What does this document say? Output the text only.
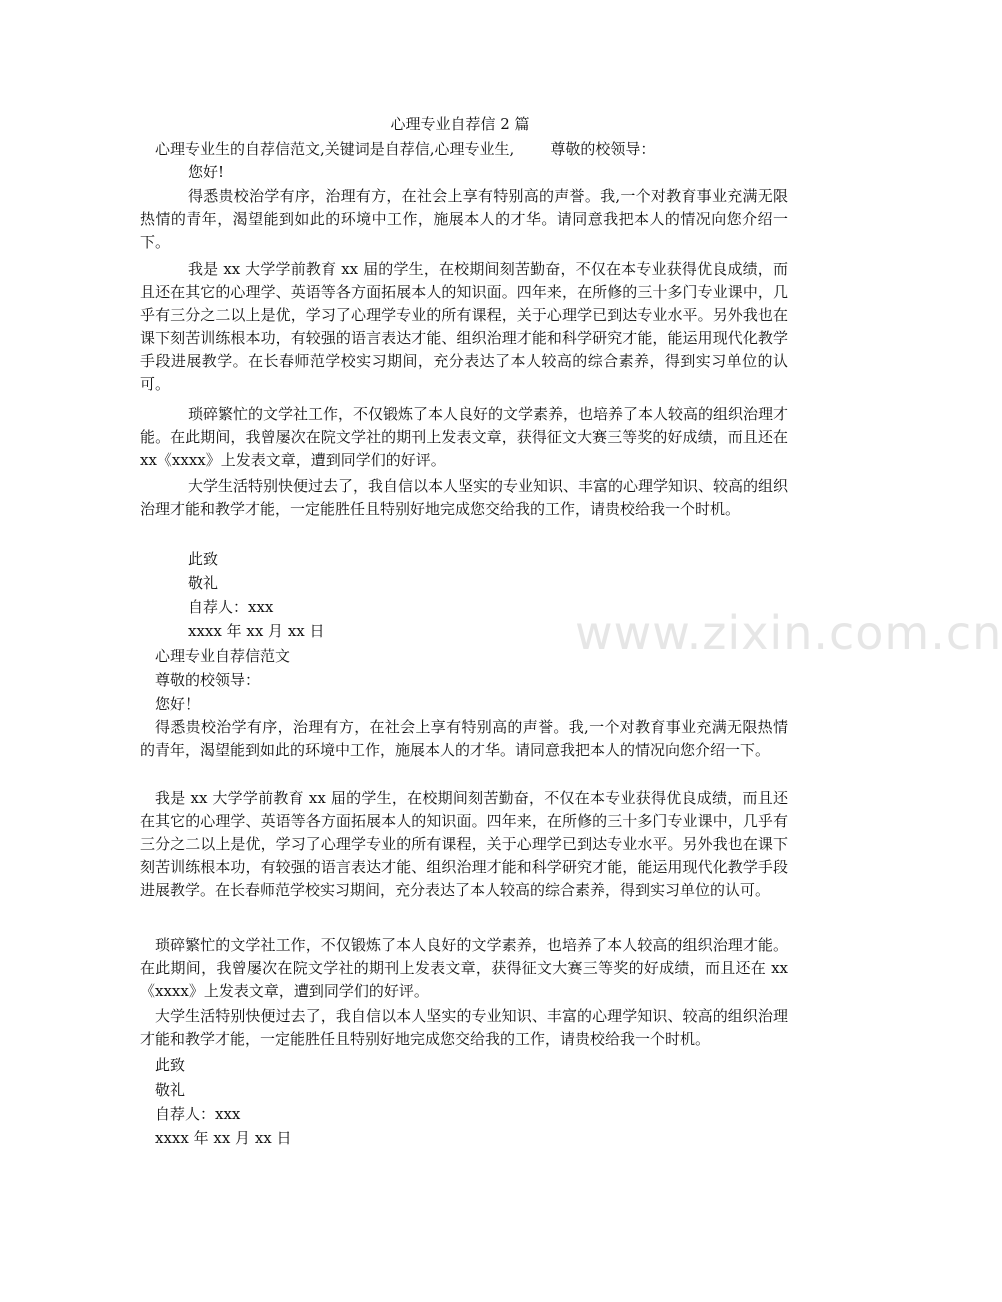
心理专业自荐信 2 篇
心理专业生的自荐信范文,关键词是自荐信,心理专业生, 尊敬的校领导：
您好!
得悉贵校治学有序，治理有方，在社会上享有特别高的声誉。我,一个对教育事业充满无限热情的青年，渴望能到如此的环境中工作，施展本人的才华。请同意我把本人的情况向您介绍一下。
我是 xx 大学学前教育 xx 届的学生，在校期间刻苦勤奋，不仅在本专业获得优良成绩，而且还在其它的心理学、英语等各方面拓展本人的知识面。四年来，在所修的三十多门专业课中，几乎有三分之二以上是优，学习了心理学专业的所有课程，关于心理学已到达专业水平。另外我也在课下刻苦训练根本功，有较强的语言表达才能、组织治理才能和科学研究才能，能运用现代化教学手段进展教学。在长春师范学校实习期间，充分表达了本人较高的综合素养，得到实习单位的认可。
琐碎繁忙的文学社工作，不仅锻炼了本人良好的文学素养，也培养了本人较高的组织治理才能。在此期间，我曾屡次在院文学社的期刊上发表文章，获得征文大赛三等奖的好成绩，而且还在 xx《xxxx》上发表文章，遭到同学们的好评。
大学生活特别快便过去了，我自信以本人坚实的专业知识、丰富的心理学知识、较高的组织治理才能和教学才能，一定能胜任且特别好地完成您交给我的工作，请贵校给我一个时机。
此致
敬礼
自荐人：xxx
xxxx 年 xx 月 xx 日	www.zixin.com.cn
心理专业自荐信范文
尊敬的校领导：
您好！
得悉贵校治学有序，治理有方，在社会上享有特别高的声誉。我,一个对教育事业充满无限热情的青年，渴望能到如此的环境中工作，施展本人的才华。请同意我把本人的情况向您介绍一下。
我是 xx 大学学前教育 xx 届的学生，在校期间刻苦勤奋，不仅在本专业获得优良成绩，而且还在其它的心理学、英语等各方面拓展本人的知识面。四年来，在所修的三十多门专业课中，几乎有三分之二以上是优，学习了心理学专业的所有课程，关于心理学已到达专业水平。另外我也在课下刻苦训练根本功，有较强的语言表达才能、组织治理才能和科学研究才能，能运用现代化教学手段进展教学。在长春师范学校实习期间，充分表达了本人较高的综合素养，得到实习单位的认可。
琐碎繁忙的文学社工作，不仅锻炼了本人良好的文学素养，也培养了本人较高的组织治理才能。在此期间，我曾屡次在院文学社的期刊上发表文章，获得征文大赛三等奖的好成绩，而且还在 xx《xxxx》上发表文章，遭到同学们的好评。
大学生活特别快便过去了，我自信以本人坚实的专业知识、丰富的心理学知识、较高的组织治理才能和教学才能，一定能胜任且特别好地完成您交给我的工作，请贵校给我一个时机。
此致
敬礼
自荐人：xxx
xxxx 年 xx 月 xx 日
